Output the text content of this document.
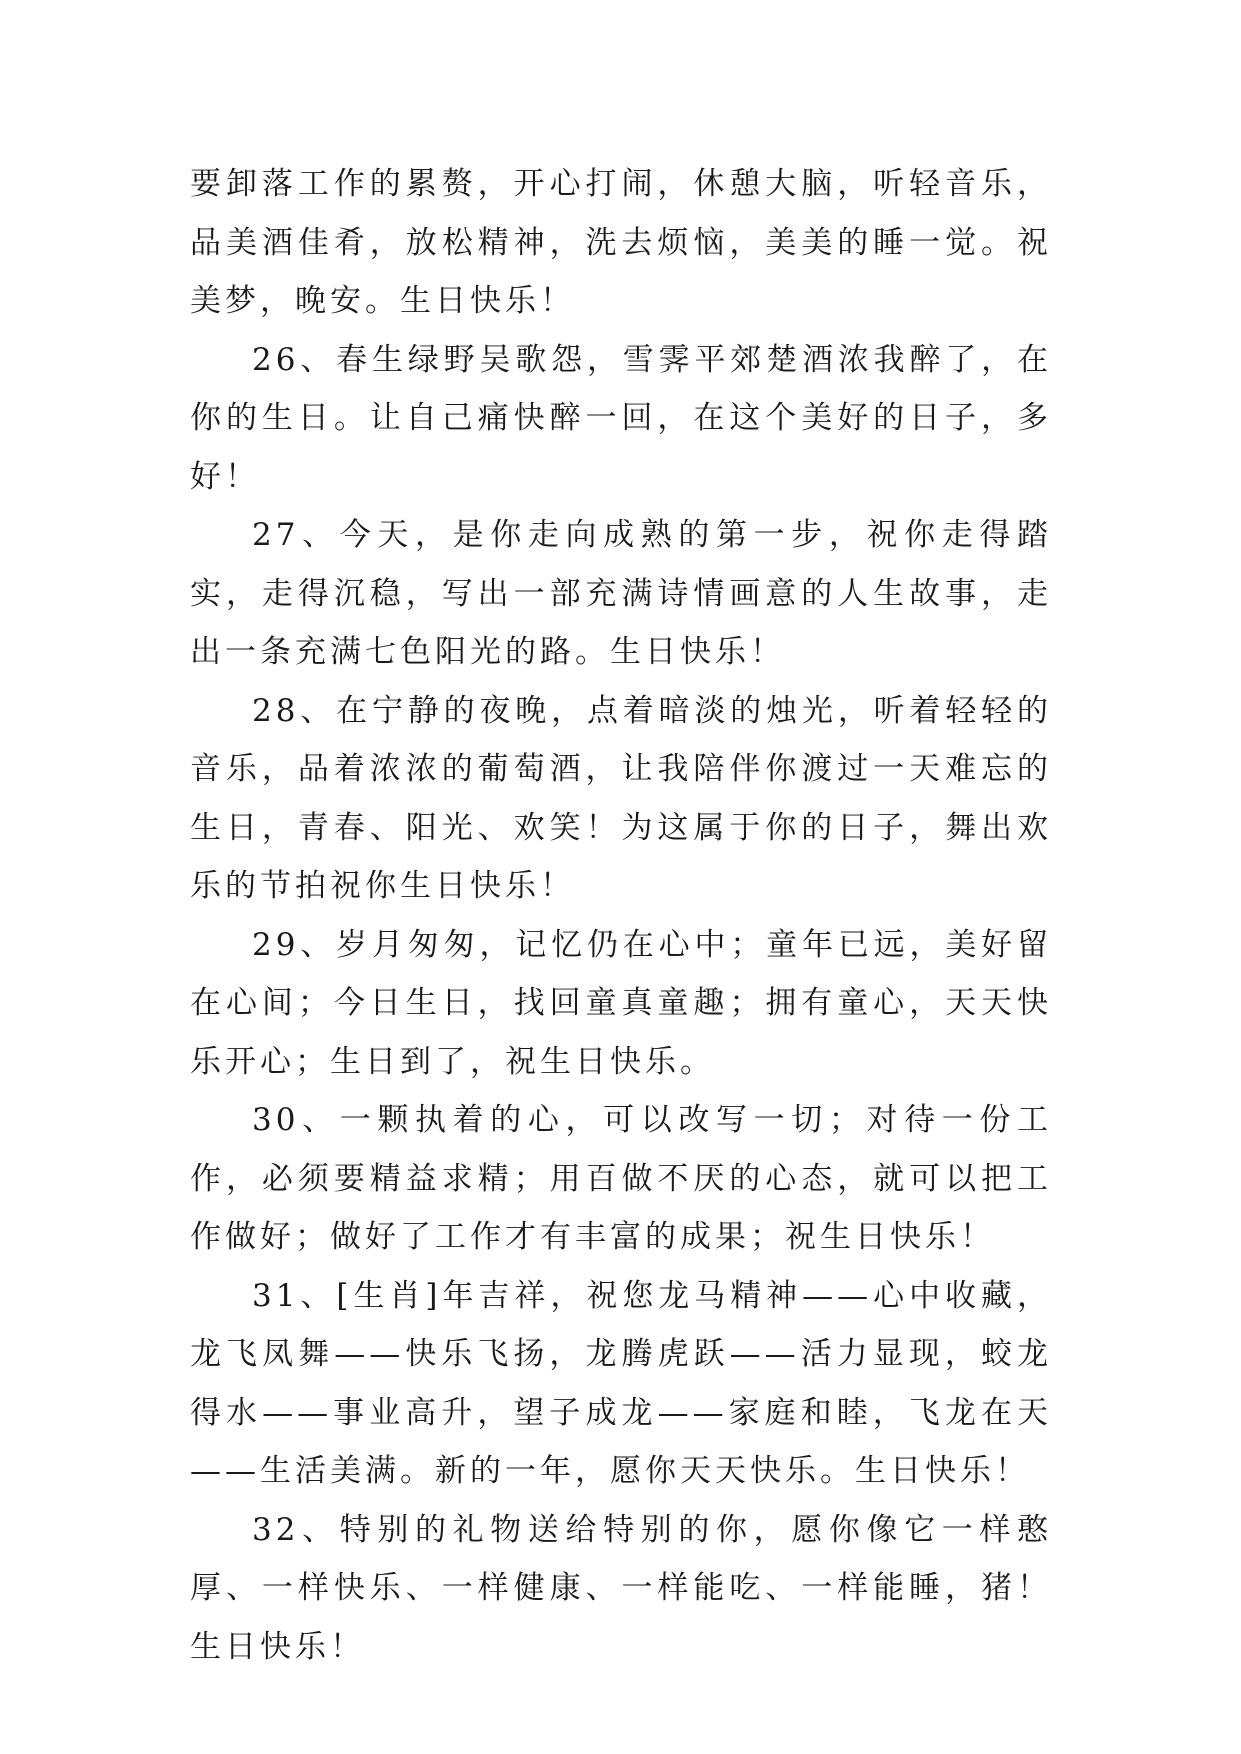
要卸落工作的累赘，开心打闹，休憩大脑，听轻音乐，品美酒佳肴，放松精神，洗去烦恼，美美的睡一觉。祝美梦，晚安。生日快乐！

26、春生绿野吴歌怨，雪霁平郊楚酒浓我醉了，在你的生日。让自己痛快醉一回，在这个美好的日子，多好！

27、今天，是你走向成熟的第一步，祝你走得踏实，走得沉稳，写出一部充满诗情画意的人生故事，走出一条充满七色阳光的路。生日快乐！

28、在宁静的夜晚，点着暗淡的烛光，听着轻轻的音乐，品着浓浓的葡萄酒，让我陪伴你渡过一天难忘的生日，青春、阳光、欢笑！为这属于你的日子，舞出欢乐的节拍祝你生日快乐！

29、岁月匆匆，记忆仍在心中；童年已远，美好留在心间；今日生日，找回童真童趣；拥有童心，天天快乐开心；生日到了，祝生日快乐。

30、一颗执着的心，可以改写一切；对待一份工作，必须要精益求精；用百做不厌的心态，就可以把工作做好；做好了工作才有丰富的成果；祝生日快乐！

31、[生肖]年吉祥，祝您龙马精神——心中收藏，龙飞凤舞——快乐飞扬，龙腾虎跃——活力显现，蛟龙得水——事业高升，望子成龙——家庭和睦，飞龙在天——生活美满。新的一年，愿你天天快乐。生日快乐！

32、特别的礼物送给特别的你，愿你像它一样憨厚、一样快乐、一样健康、一样能吃、一样能睡，猪！生日快乐！
